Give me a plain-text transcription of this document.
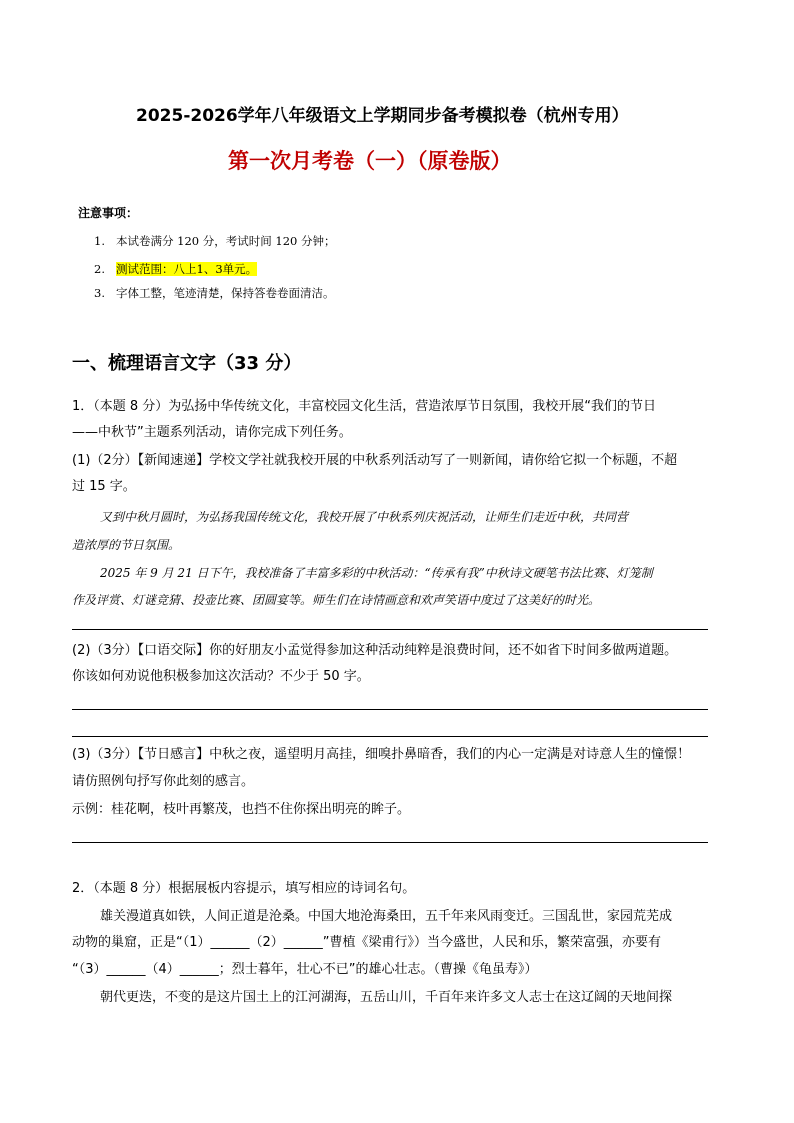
2025-2026学年八年级语文上学期同步备考模拟卷（杭州专用）
第一次月考卷（一）（原卷版）
注意事项：
1. 本试卷满分 120 分，考试时间 120 分钟；
2. 测试范围：八上1、3单元。
3. 字体工整，笔迹清楚，保持答卷卷面清洁。
一、梳理语言文字（33 分）
1．（本题 8 分）为弘扬中华传统文化，丰富校园文化生活，营造浓厚节日氛围，我校开展“我们的节日
——中秋节”主题系列活动，请你完成下列任务。
(1)（2分）【新闻速递】学校文学社就我校开展的中秋系列活动写了一则新闻，请你给它拟一个标题，不超
过 15 字。
又到中秋月圆时，为弘扬我国传统文化，我校开展了中秋系列庆祝活动，让师生们走近中秋，共同营
造浓厚的节日氛围。
2025 年 9 月 21 日下午，我校准备了丰富多彩的中秋活动：“传承有我”中秋诗文硬笔书法比赛、灯笼制
作及评赏、灯谜竞猜、投壶比赛、团圆宴等。师生们在诗情画意和欢声笑语中度过了这美好的时光。
(2)（3分）【口语交际】你的好朋友小孟觉得参加这种活动纯粹是浪费时间，还不如省下时间多做两道题。
你该如何劝说他积极参加这次活动？不少于 50 字。
(3)（3分）【节日感言】中秋之夜，遥望明月高挂，细嗅扑鼻暗香，我们的内心一定满是对诗意人生的憧憬！
请仿照例句抒写你此刻的感言。
示例：桂花啊，枝叶再繁茂，也挡不住你探出明亮的眸子。
2．（本题 8 分）根据展板内容提示，填写相应的诗词名句。
雄关漫道真如铁，人间正道是沧桑。中国大地沧海桑田，五千年来风雨变迁。三国乱世，家园荒芜成
动物的巢窟，正是“（1）______（2）______”曹植《梁甫行》）当今盛世，人民和乐，繁荣富强，亦要有
“（3）______（4）______；烈士暮年，壮心不已”的雄心壮志。（曹操《龟虽寿》）
朝代更迭，不变的是这片国土上的江河湖海，五岳山川，千百年来许多文人志士在这辽阔的天地间探
